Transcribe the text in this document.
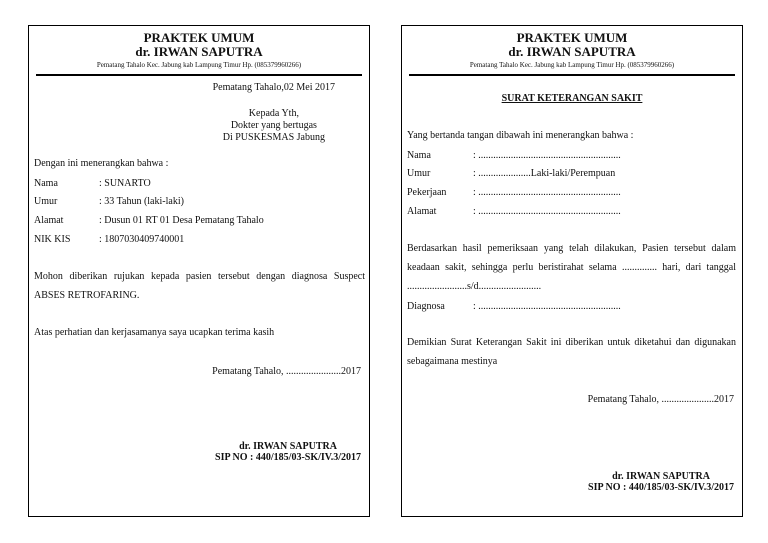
PRAKTEK UMUM
dr. IRWAN SAPUTRA
Pematang Tahalo Kec. Jabung kab Lampung Timur Hp. (085379960266)
Pematang Tahalo,02 Mei 2017
Kepada Yth,
Dokter yang bertugas
Di PUSKESMAS Jabung
Dengan ini menerangkan bahwa :
Nama	: SUNARTO
Umur	: 33 Tahun (laki-laki)
Alamat	: Dusun 01 RT 01 Desa Pematang Tahalo
NIK KIS	: 1807030409740001
Mohon diberikan rujukan kepada pasien tersebut dengan diagnosa Suspect ABSES RETROFARING.
Atas perhatian dan kerjasamanya saya ucapkan terima kasih
Pematang Tahalo, ......................2017
dr. IRWAN SAPUTRA
SIP NO : 440/185/03-SK/IV.3/2017
PRAKTEK UMUM
dr. IRWAN SAPUTRA
Pematang Tahalo Kec. Jabung kab Lampung Timur Hp. (085379960266)
SURAT KETERANGAN SAKIT
Yang bertanda tangan dibawah ini menerangkan bahwa :
Nama	: .........................................................
Umur	: .....................Laki-laki/Perempuan
Pekerjaan	: .........................................................
Alamat	: .........................................................
Berdasarkan hasil pemeriksaan yang telah dilakukan, Pasien tersebut dalam keadaan sakit, sehingga perlu beristirahat selama .............. hari, dari tanggal ........................s/d.........................
Diagnosa	: .........................................................
Demikian Surat Keterangan Sakit ini diberikan untuk diketahui dan digunakan sebagaimana mestinya
Pematang Tahalo, .....................2017
dr. IRWAN SAPUTRA
SIP NO : 440/185/03-SK/IV.3/2017
